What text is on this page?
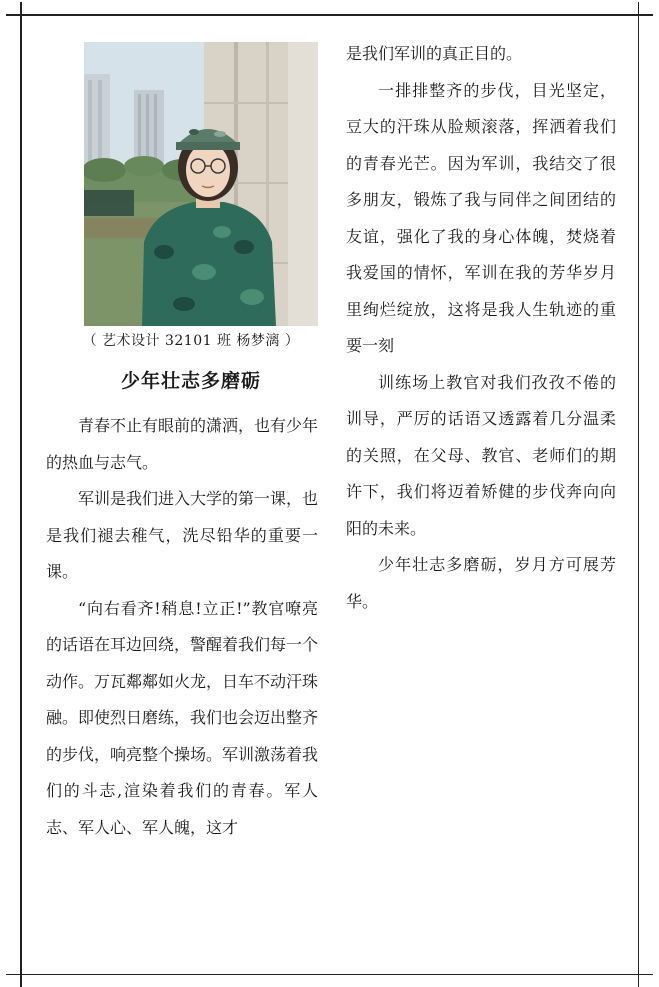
（ 艺术设计 32101 班 杨梦漓 ）
少年壮志多磨砺

青春不止有眼前的潇洒，也有少年的热血与志气。

军训是我们进入大学的第一课，也是我们褪去稚气，洗尽铅华的重要一课。

“向右看齐!稍息!立正!”教官嘹亮的话语在耳边回绕，警醒着我们每一个动作。万瓦鄰鄰如火龙，日车不动汗珠融。即使烈日磨练，我们也会迈出整齐的步伐，响亮整个操场。军训激荡着我们的斗志,渲染着我们的青春。军人志、军人心、军人魄，这才

是我们军训的真正目的。

一排排整齐的步伐，目光坚定，豆大的汗珠从脸颊滚落，挥洒着我们的青春光芒。因为军训，我结交了很多朋友，锻炼了我与同伴之间团结的友谊，强化了我的身心体魄，焚烧着我爱国的情怀，军训在我的芳华岁月里绚烂绽放，这将是我人生轨迹的重要一刻

训练场上教官对我们孜孜不倦的训导，严厉的话语又透露着几分温柔的关照，在父母、教官、老师们的期许下，我们将迈着矫健的步伐奔向向阳的未来。

少年壮志多磨砺，岁月方可展芳华。
